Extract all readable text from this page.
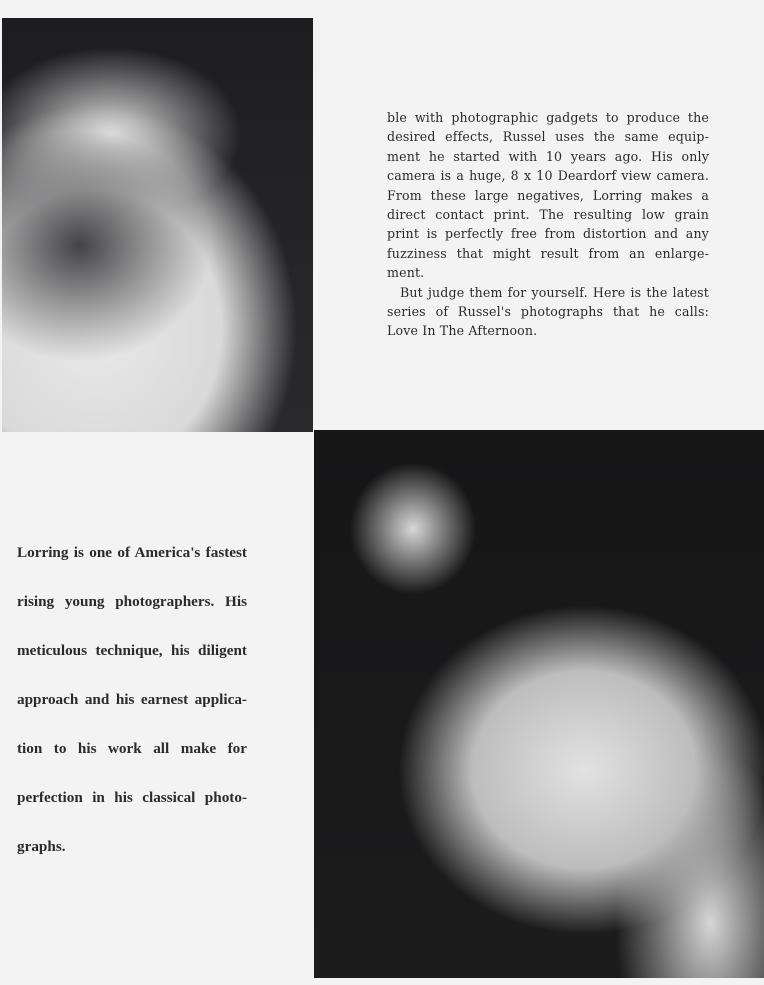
ble with photographic gadgets to produce the desired effects, Russel uses the same equip- ment he started with 10 years ago. His only camera is a huge, 8 x 10 Deardorf view camera. From these large negatives, Lorring makes a direct contact print. The resulting low grain print is perfectly free from distortion and any fuzziness that might result from an enlarge- ment.

But judge them for yourself. Here is the latest series of Russel's photographs that he calls: Love In The Afternoon.

Lorring is one of America's fastest
rising young photographers. His
meticulous technique, his diligent
approach and his earnest applica-
tion to his work all make for
perfection in his classical photo-
graphs.
